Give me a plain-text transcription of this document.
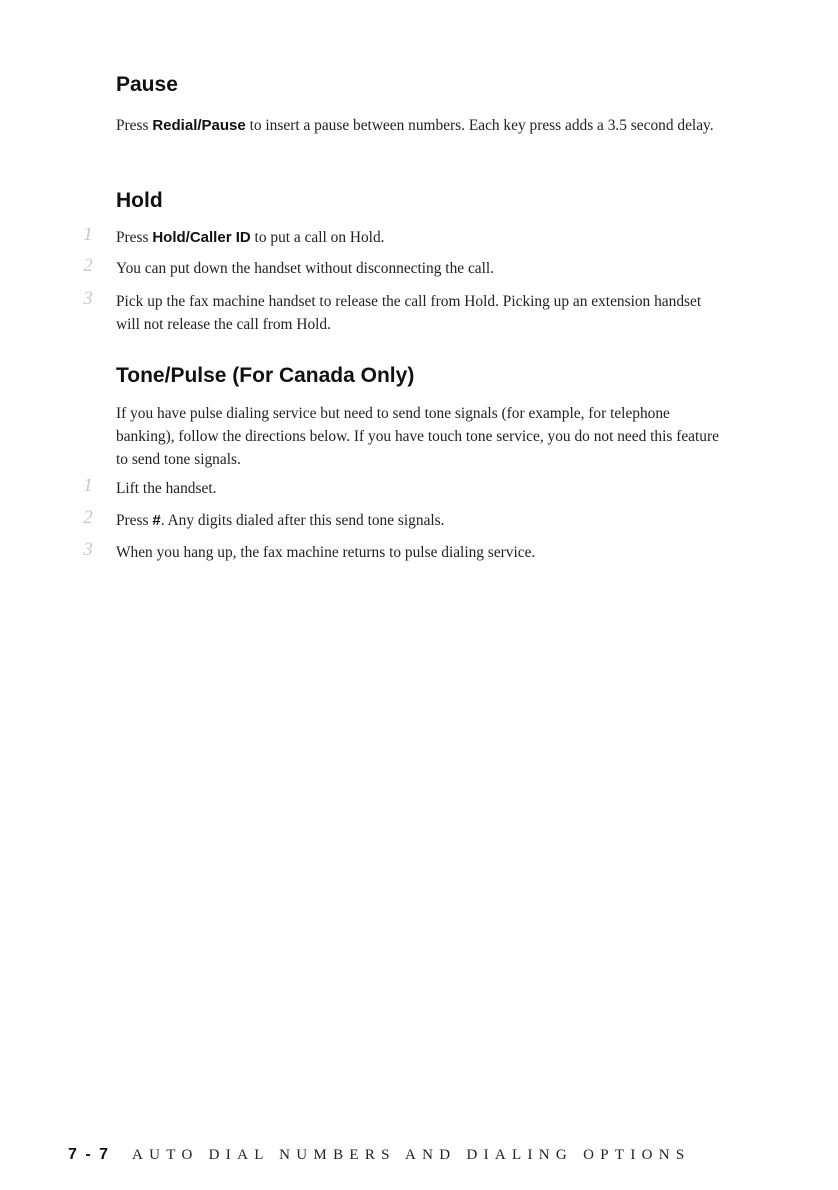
Pause

Press Redial/Pause to insert a pause between numbers. Each key press adds a 3.5 second delay.

Hold
1 Press Hold/Caller ID to put a call on Hold.
2 You can put down the handset without disconnecting the call.
3 Pick up the fax machine handset to release the call from Hold. Picking up an extension handset will not release the call from Hold.
Tone/Pulse (For Canada Only)

If you have pulse dialing service but need to send tone signals (for example, for telephone banking), follow the directions below. If you have touch tone service, you do not need this feature to send tone signals.

1 Lift the handset.
2 Press #. Any digits dialed after this send tone signals.
3 When you hang up, the fax machine returns to pulse dialing service.
7 - 7 AUTO DIAL NUMBERS AND DIALING OPTIONS
